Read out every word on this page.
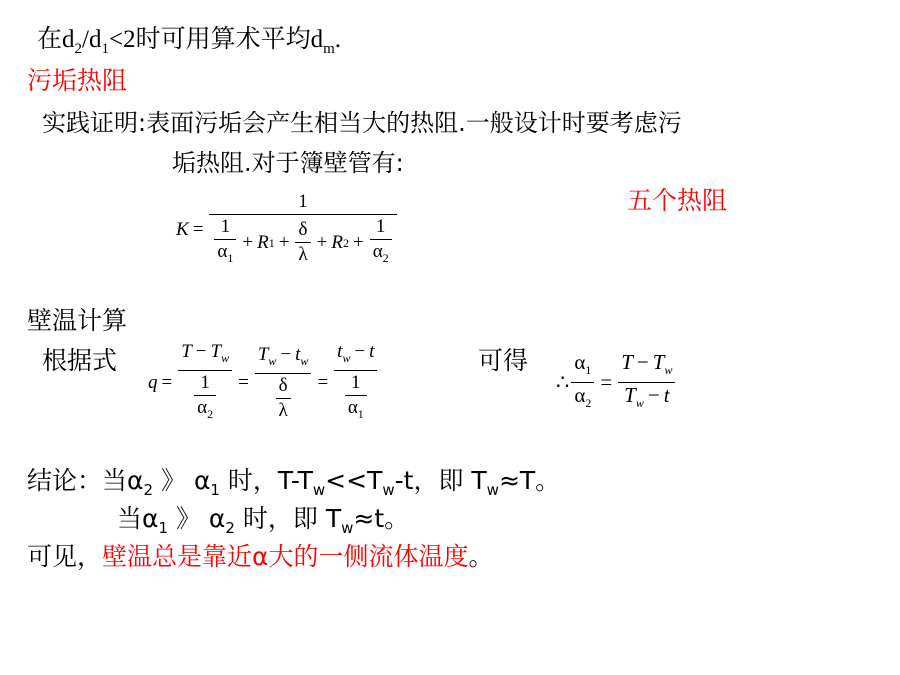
在$d_2/d_1<2$时可用算术平均$d_m$.
污垢热阻
实践证明:表面污垢会产生相当大的热阻.一般设计时要考虑污
垢热阻.对于簿壁管有:
五个热阻
K =
1
$\frac{1}{\alpha_1} + R$ $1 + \frac{\delta}{\lambda} + R$ $2 + \frac{1}{\alpha_2}$
壁温计算
根据式	可得
$q = \frac{T - T_w}{\frac{1}{\alpha_2}} = \frac{T_w - t_w}{\frac{\delta}{\lambda}} = \frac{t_w - t}{\frac{1}{\alpha_1}}$	∴ $\frac{\alpha_1}{\alpha_2} = \frac{T - T_w}{T_w - t}$
结论：当$\alpha_2$ 》 $\alpha_1$ 时，$T-T_w<<T_w-t$，即 $T_w\approx T$。
当$\alpha_1$ 》 $\alpha_2$ 时，即 $T_w\approx t$。
可见，壁温总是靠近α大的一侧流体温度。
